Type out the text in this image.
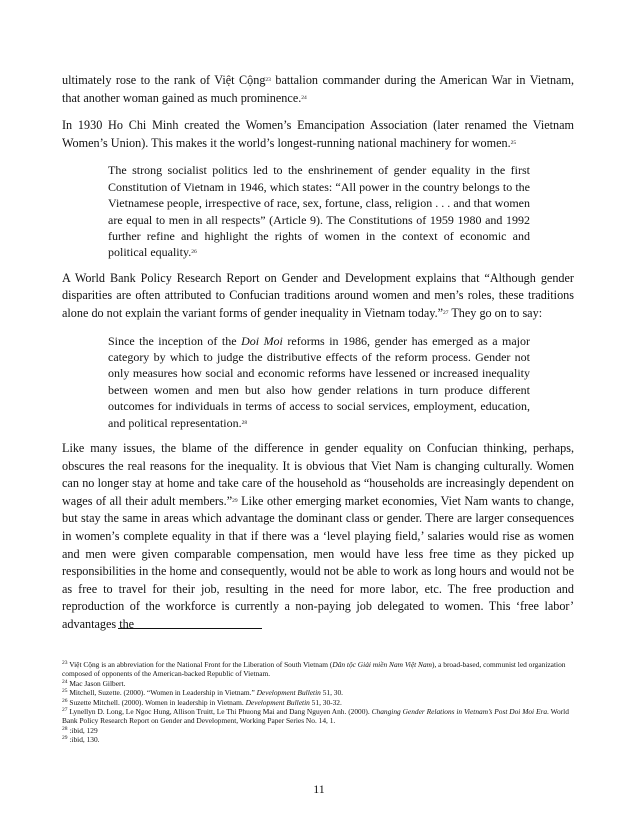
ultimately rose to the rank of Việt Cộng$^{23}$ battalion commander during the American War in Vietnam, that another woman gained as much prominence.$^{24}$

In 1930 Ho Chi Minh created the Women’s Emancipation Association (later renamed the Vietnam Women’s Union). This makes it the world’s longest-running national machinery for women.$^{25}$

The strong socialist politics led to the enshrinement of gender equality in the first Constitution of Vietnam in 1946, which states: “All power in the country belongs to the Vietnamese people, irrespective of race, sex, fortune, class, religion . . . and that women are equal to men in all respects” (Article 9). The Constitutions of 1959 1980 and 1992 further refine and highlight the rights of women in the context of economic and political equality.$^{26}$

A World Bank Policy Research Report on Gender and Development explains that “Although gender disparities are often attributed to Confucian traditions around women and men’s roles, these traditions alone do not explain the variant forms of gender inequality in Vietnam today.”$^{27}$ They go on to say:

Since the inception of the Doi Moi reforms in 1986, gender has emerged as a major category by which to judge the distributive effects of the reform process. Gender not only measures how social and economic reforms have lessened or increased inequality between women and men but also how gender relations in turn produce different outcomes for individuals in terms of access to social services, employment, education, and political representation.$^{28}$

Like many issues, the blame of the difference in gender equality on Confucian thinking, perhaps, obscures the real reasons for the inequality. It is obvious that Viet Nam is changing culturally. Women can no longer stay at home and take care of the household as “households are increasingly dependent on wages of all their adult members.”$^{29}$ Like other emerging market economies, Viet Nam wants to change, but stay the same in areas which advantage the dominant class or gender. There are larger consequences in women’s complete equality in that if there was a ‘level playing field,’ salaries would rise as women and men were given comparable compensation, men would have less free time as they picked up responsibilities in the home and consequently, would not be able to work as long hours and would not be as free to travel for their job, resulting in the need for more labor, etc. The free production and reproduction of the workforce is currently a non-paying job delegated to women. This ‘free labor’ advantages the

$^{23}$ Việt Cộng is an abbreviation for the National Front for the Liberation of South Vietnam (Dân tộc Giải miền Nam Việt Nam), a broad-based, communist led organization composed of opponents of the American-backed Republic of Vietnam.

$^{24}$ Mac Jason Gilbert.

$^{25}$ Mitchell, Suzette. (2000). “Women in Leadership in Vietnam.” Development Bulletin 51, 30.

$^{26}$ Suzette Mitchell. (2000). Women in leadership in Vietnam. Development Bulletin 51, 30-32.

$^{27}$ Lynellyn D. Long, Le Ngoc Hung, Allison Truitt, Le Thi Phuong Mai and Dang Nguyen Anh. (2000). Changing Gender Relations in Vietnam’s Post Doi Moi Era. World Bank Policy Research Report on Gender and Development, Working Paper Series No. 14, 1.

$^{28}$ :ibid, 129

$^{29}$ :ibid, 130.

11
